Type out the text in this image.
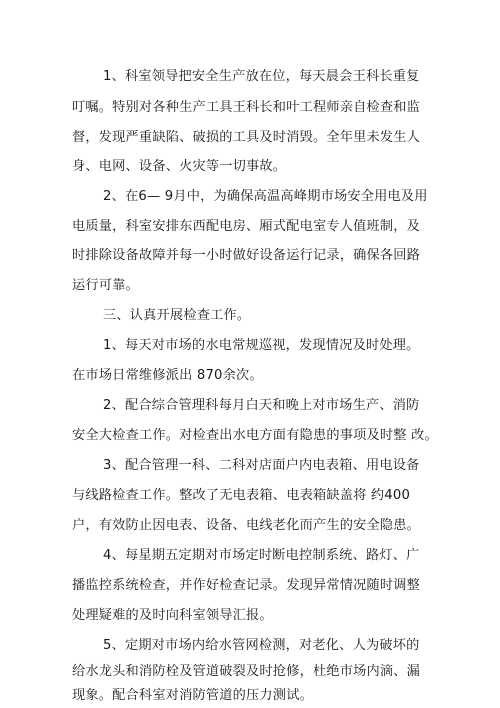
1、科室领导把安全生产放在位，每天晨会王科长重复
叮嘱。特别对各种生产工具王科长和叶工程师亲自检查和监
督，发现严重缺陷、破损的工具及时消毁。全年里未发生人
身、电网、设备、火灾等一切事故。
2、在6— 9月中，为确保高温高峰期市场安全用电及用
电质量，科室安排东西配电房、厢式配电室专人值班制，及
时排除设备故障并每一小时做好设备运行记录，确保各回路
运行可靠。
三、认真开展检查工作。
1、每天对市场的水电常规巡视，发现情况及时处理。
在市场日常维修派出 870余次。
2、配合综合管理科每月白天和晚上对市场生产、消防
安全大检查工作。对检查出水电方面有隐患的事项及时整 改。
3、配合管理一科、二科对店面户内电表箱、用电设备
与线路检查工作。整改了无电表箱、电表箱缺盖将 约400
户，有效防止因电表、设备、电线老化而产生的安全隐患。
4、每星期五定期对市场定时断电控制系统、路灯、广
播监控系统检查，并作好检查记录。发现异常情况随时调整
处理疑难的及时向科室领导汇报。
5、定期对市场内给水管网检测，对老化、人为破坏的
给水龙头和消防栓及管道破裂及时抢修，杜绝市场内滴、漏
现象。配合科室对消防管道的压力测试。
